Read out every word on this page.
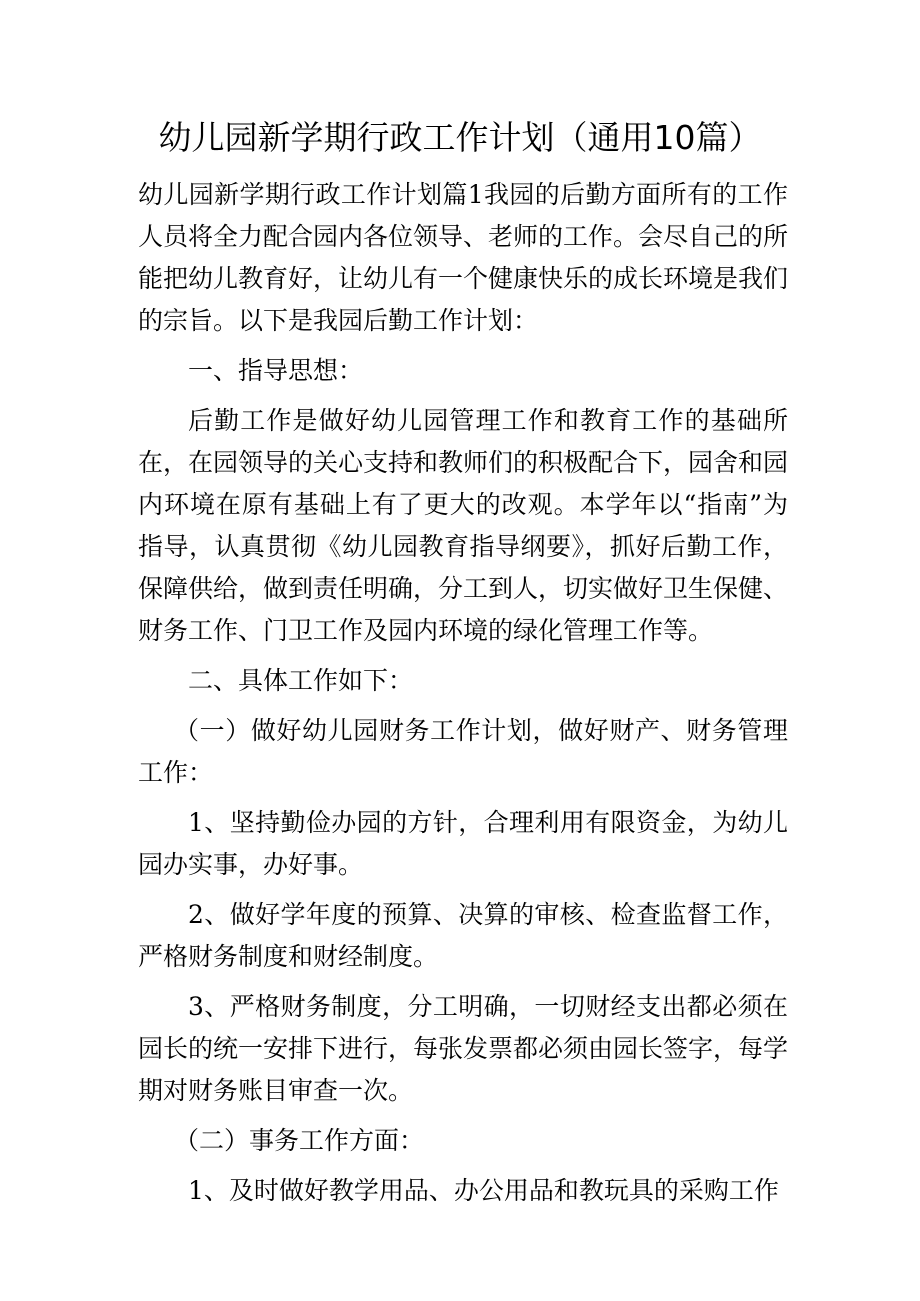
幼儿园新学期行政工作计划（通用10篇）

幼儿园新学期行政工作计划篇1我园的后勤方面所有的工作人员将全力配合园内各位领导、老师的工作。会尽自己的所能把幼儿教育好，让幼儿有一个健康快乐的成长环境是我们的宗旨。以下是我园后勤工作计划：

一、指导思想：

后勤工作是做好幼儿园管理工作和教育工作的基础所在，在园领导的关心支持和教师们的积极配合下，园舍和园内环境在原有基础上有了更大的改观。本学年以“指南”为指导，认真贯彻《幼儿园教育指导纲要》，抓好后勤工作，保障供给，做到责任明确，分工到人，切实做好卫生保健、财务工作、门卫工作及园内环境的绿化管理工作等。

二、具体工作如下：

（一）做好幼儿园财务工作计划，做好财产、财务管理工作：

1、坚持勤俭办园的方针，合理利用有限资金，为幼儿园办实事，办好事。

2、做好学年度的预算、决算的审核、检查监督工作，严格财务制度和财经制度。

3、严格财务制度，分工明确，一切财经支出都必须在园长的统一安排下进行，每张发票都必须由园长签字，每学期对财务账目审查一次。

（二）事务工作方面：

1、及时做好教学用品、办公用品和教玩具的采购工作
